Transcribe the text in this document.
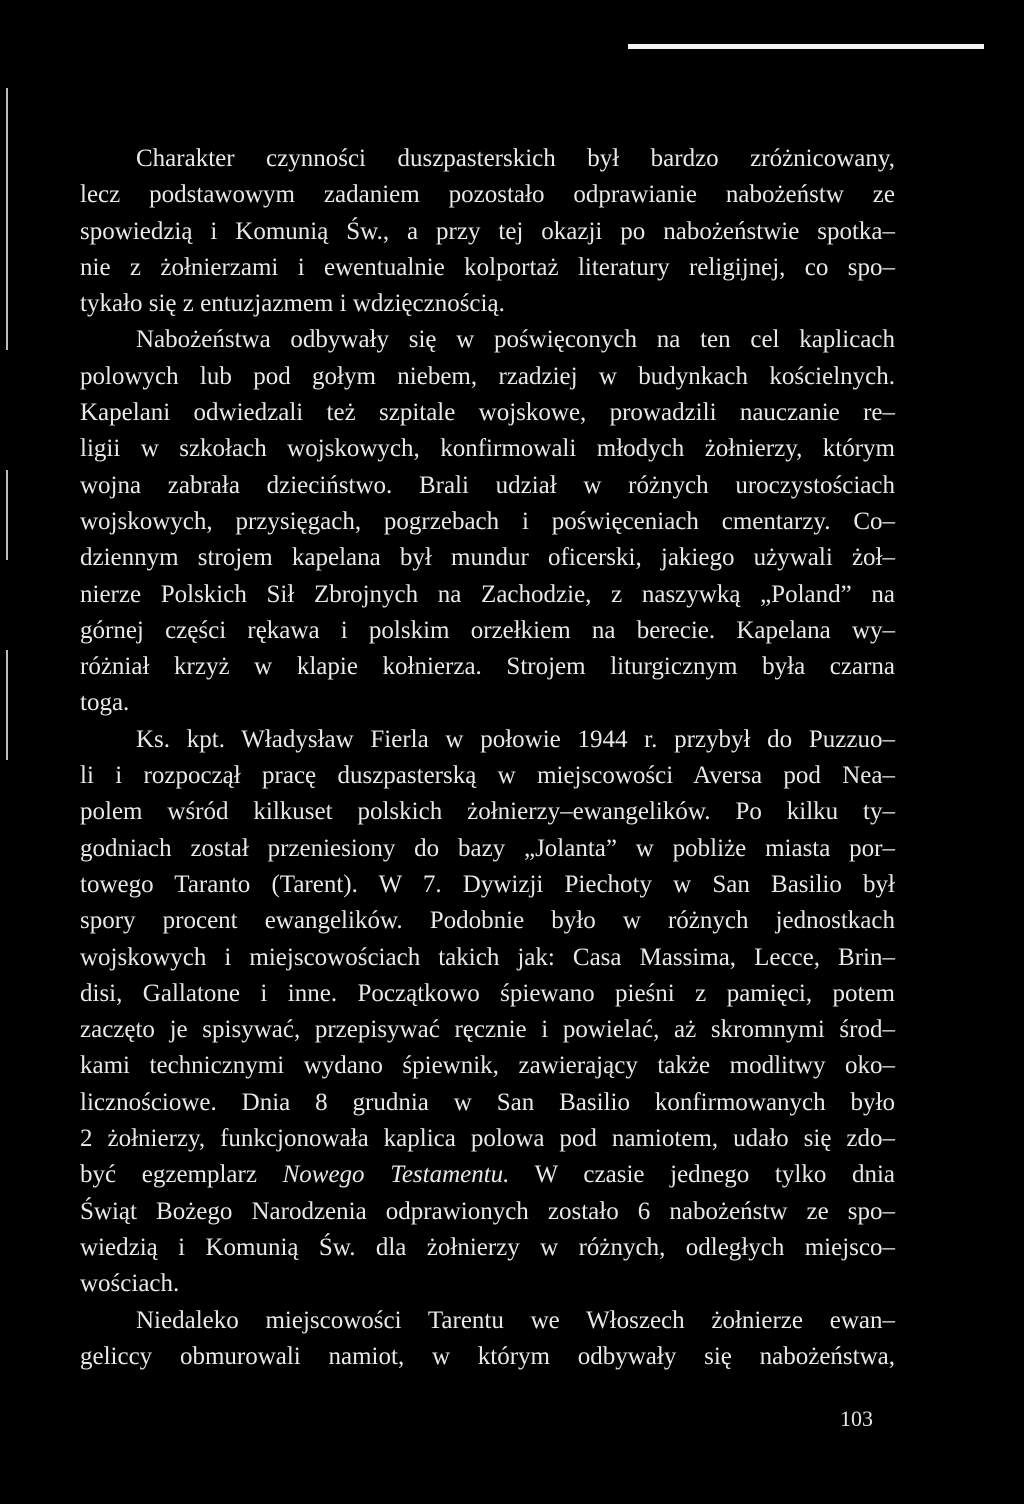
Charakter czynności duszpasterskich był bardzo zróżnicowany,
lecz podstawowym zadaniem pozostało odprawianie nabożeństw ze
spowiedzią i Komunią Św., a przy tej okazji po nabożeństwie spotka–
nie z żołnierzami i ewentualnie kolportaż literatury religijnej, co spo–
tykało się z entuzjazmem i wdzięcznością.
Nabożeństwa odbywały się w poświęconych na ten cel kaplicach
polowych lub pod gołym niebem, rzadziej w budynkach kościelnych.
Kapelani odwiedzali też szpitale wojskowe, prowadzili nauczanie re–
ligii w szkołach wojskowych, konfirmowali młodych żołnierzy, którym
wojna zabrała dzieciństwo. Brali udział w różnych uroczystościach
wojskowych, przysięgach, pogrzebach i poświęceniach cmentarzy. Co–
dziennym strojem kapelana był mundur oficerski, jakiego używali żoł–
nierze Polskich Sił Zbrojnych na Zachodzie, z naszywką „Poland” na
górnej części rękawa i polskim orzełkiem na berecie. Kapelana wy–
różniał krzyż w klapie kołnierza. Strojem liturgicznym była czarna
toga.
Ks. kpt. Władysław Fierla w połowie 1944 r. przybył do Puzzuo–
li i rozpoczął pracę duszpasterską w miejscowości Aversa pod Nea–
polem wśród kilkuset polskich żołnierzy–ewangelików. Po kilku ty–
godniach został przeniesiony do bazy „Jolanta” w pobliże miasta por–
towego Taranto (Tarent). W 7. Dywizji Piechoty w San Basilio był
spory procent ewangelików. Podobnie było w różnych jednostkach
wojskowych i miejscowościach takich jak: Casa Massima, Lecce, Brin–
disi, Gallatone i inne. Początkowo śpiewano pieśni z pamięci, potem
zaczęto je spisywać, przepisywać ręcznie i powielać, aż skromnymi środ–
kami technicznymi wydano śpiewnik, zawierający także modlitwy oko–
licznościowe. Dnia 8 grudnia w San Basilio konfirmowanych było
2 żołnierzy, funkcjonowała kaplica polowa pod namiotem, udało się zdo–
być egzemplarz Nowego Testamentu. W czasie jednego tylko dnia
Świąt Bożego Narodzenia odprawionych zostało 6 nabożeństw ze spo–
wiedzią i Komunią Św. dla żołnierzy w różnych, odległych miejsco–
wościach.
Niedaleko miejscowości Tarentu we Włoszech żołnierze ewan–
geliccy obmurowali namiot, w którym odbywały się nabożeństwa,
103
